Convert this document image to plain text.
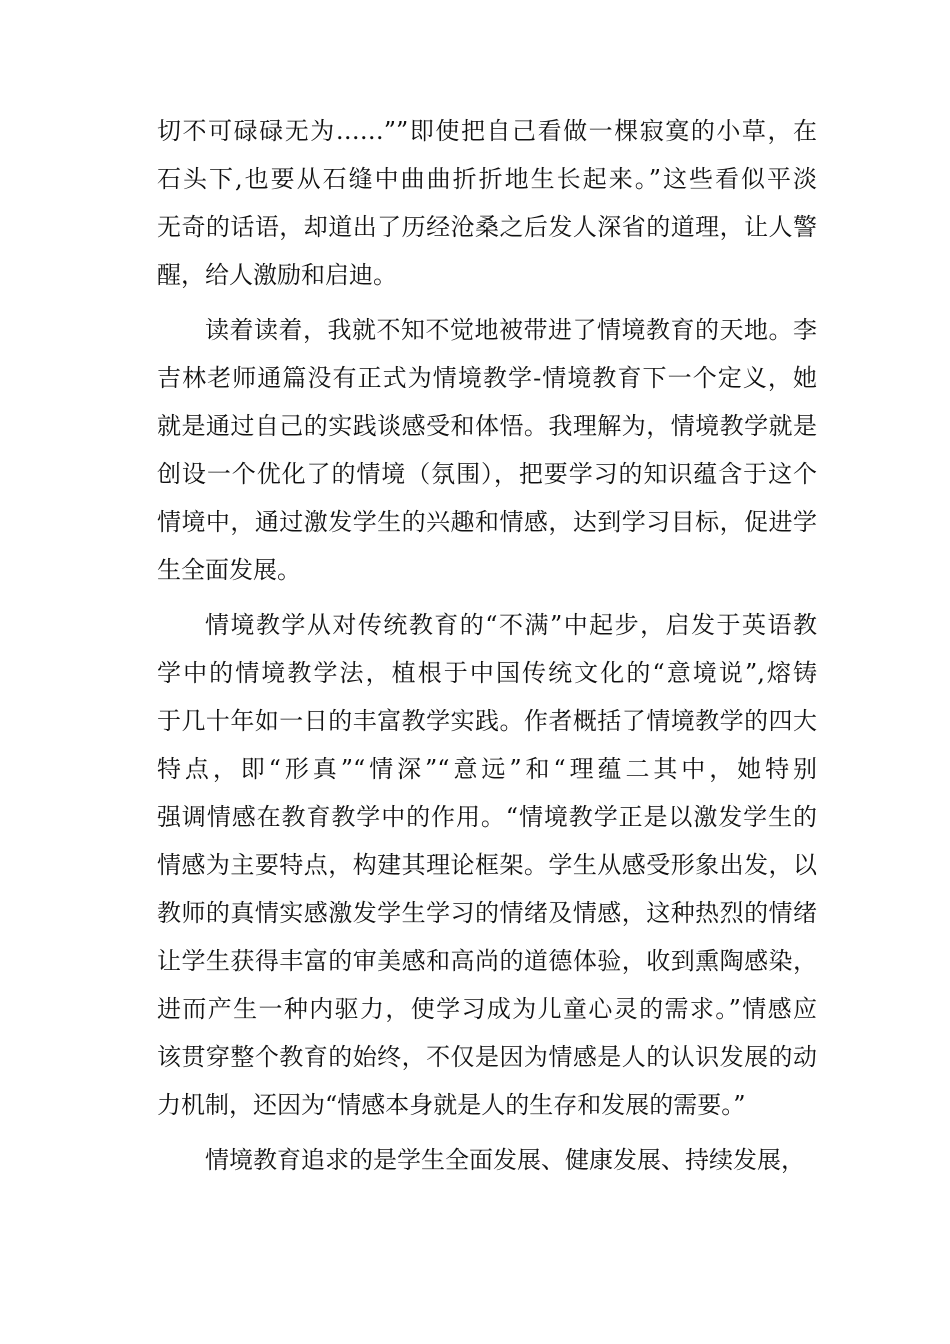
切不可碌碌无为……””即使把自己看做一棵寂寞的小草，在
石头下,也要从石缝中曲曲折折地生长起来。”这些看似平淡
无奇的话语，却道出了历经沧桑之后发人深省的道理，让人警
醒，给人激励和启迪。
读着读着，我就不知不觉地被带进了情境教育的天地。李
吉林老师通篇没有正式为情境教学-情境教育下一个定义，她
就是通过自己的实践谈感受和体悟。我理解为，情境教学就是
创设一个优化了的情境（氛围），把要学习的知识蕴含于这个
情境中，通过激发学生的兴趣和情感，达到学习目标，促进学
生全面发展。
情境教学从对传统教育的“不满”中起步，启发于英语教
学中的情境教学法，植根于中国传统文化的“意境说”,熔铸
于几十年如一日的丰富教学实践。作者概括了情境教学的四大
特点，即“形真”“情深”“意远”和“理蕴二其中，她特别
强调情感在教育教学中的作用。“情境教学正是以激发学生的
情感为主要特点，构建其理论框架。学生从感受形象出发，以
教师的真情实感激发学生学习的情绪及情感，这种热烈的情绪
让学生获得丰富的审美感和高尚的道德体验，收到熏陶感染，
进而产生一种内驱力，使学习成为儿童心灵的需求。”情感应
该贯穿整个教育的始终，不仅是因为情感是人的认识发展的动
力机制，还因为“情感本身就是人的生存和发展的需要。”
情境教育追求的是学生全面发展、健康发展、持续发展，
